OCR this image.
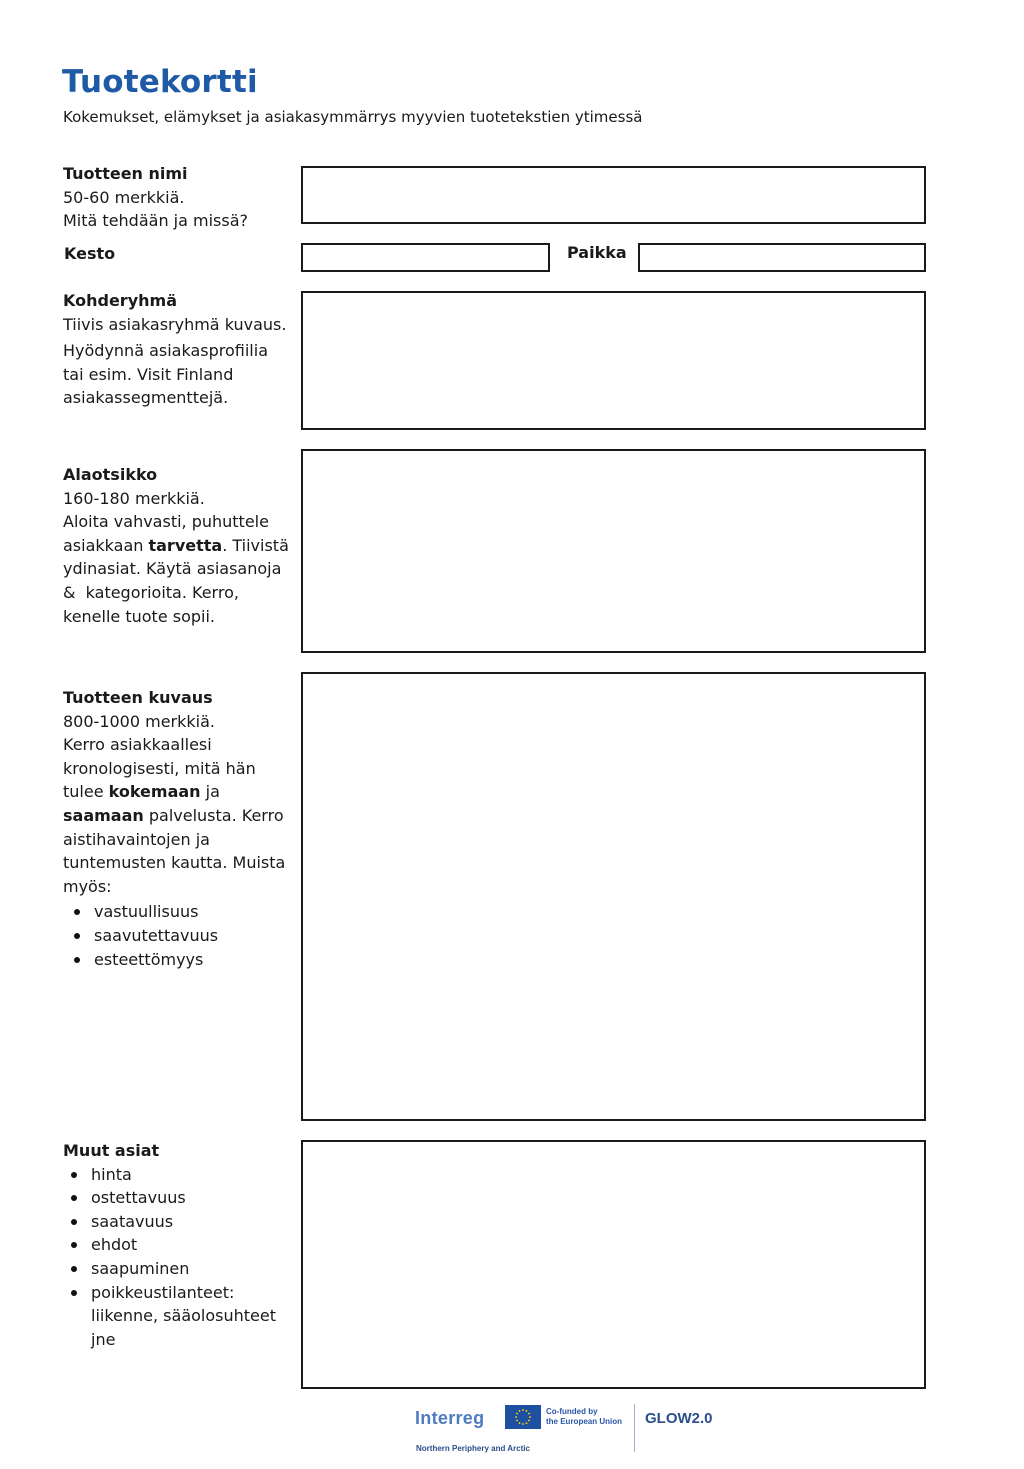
Tuotekortti
Kokemukset, elämykset ja asiakasymmärrys myyvien tuotetekstien ytimessä
Tuotteen nimi
50-60 merkkiä.
Mitä tehdään ja missä?
Kesto	Paikka
Kohderyhmä
Tiivis asiakasryhmä kuvaus.
Hyödynnä asiakasprofiilia
tai esim. Visit Finland
asiakassegmenttejä.
Alaotsikko
160-180 merkkiä.
Aloita vahvasti, puhuttele
asiakkaan tarvetta. Tiivistä
ydinasiat. Käytä asiasanoja
&  kategorioita. Kerro,
kenelle tuote sopii.
Tuotteen kuvaus
800-1000 merkkiä.
Kerro asiakkaallesi
kronologisesti, mitä hän
tulee kokemaan ja
saamaan palvelusta. Kerro
aistihavaintojen ja
tuntemusten kautta. Muista
myös:
vastuullisuus
saavutettavuus
esteettömyys
Muut asiat
hinta
ostettavuus
saatavuus
ehdot
saapuminen
poikkeustilanteet:
liikenne, sääolosuhteet
jne
Interreg
Northern Periphery and Arctic
Co-funded by
the European Union GLOW2.0
